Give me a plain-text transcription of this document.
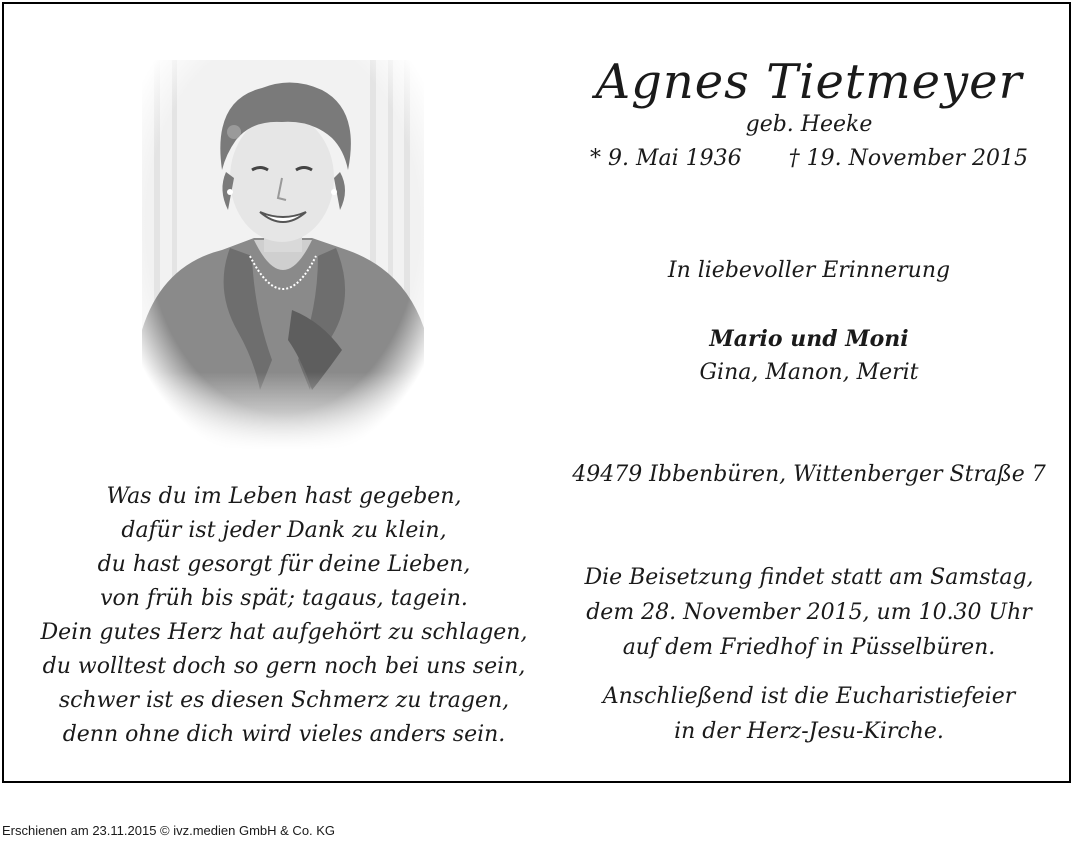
Agnes Tietmeyer
geb. Heeke
* 9. Mai 1936 † 19. November 2015
In liebevoller Erinnerung
Mario und Moni
Gina, Manon, Merit
49479 Ibbenbüren, Wittenberger Straße 7
Die Beisetzung findet statt am Samstag,
dem 28. November 2015, um 10.30 Uhr
auf dem Friedhof in Püsselbüren.
Anschließend ist die Eucharistiefeier
in der Herz-Jesu-Kirche.
Was du im Leben hast gegeben,
dafür ist jeder Dank zu klein,
du hast gesorgt für deine Lieben,
von früh bis spät; tagaus, tagein.
Dein gutes Herz hat aufgehört zu schlagen,
du wolltest doch so gern noch bei uns sein,
schwer ist es diesen Schmerz zu tragen,
denn ohne dich wird vieles anders sein.
Erschienen am 23.11.2015 © ivz.medien GmbH & Co. KG
